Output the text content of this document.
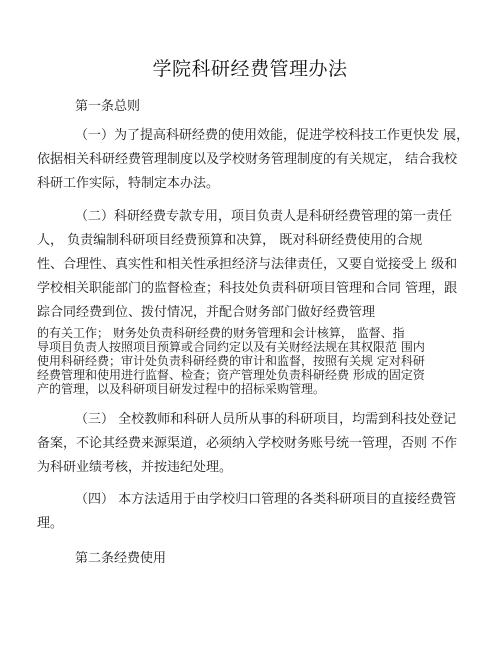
学院科研经费管理办法
第一条总则
（一）为了提高科研经费的使用效能，促进学校科技工作更快发 展，
依据相关科研经费管理制度以及学校财务管理制度的有关规定， 结合我校
科研工作实际，特制定本办法。
（二）科研经费专款专用，项目负责人是科研经费管理的第一责任
人， 负责编制科研项目经费预算和决算， 既对科研经费使用的合规
性、合理性、真实性和相关性承担经济与法律责任，又要自觉接受上 级和
学校相关职能部门的监督检查；科技处负责科研项目管理和合同 管理，跟
踪合同经费到位、拨付情况，并配合财务部门做好经费管理
的有关工作； 财务处负责科研经费的财务管理和会计核算， 监督、指
导项目负责人按照项目预算或合同约定以及有关财经法规在其权限范 围内
使用科研经费；审计处负责科研经费的审计和监督，按照有关规 定对科研
经费管理和使用进行监督、检查；资产管理处负责科研经费 形成的固定资
产的管理，以及科研项目研发过程中的招标采购管理。
（三） 全校教师和科研人员所从事的科研项目，均需到科技处登记
备案，不论其经费来源渠道，必须纳入学校财务账号统一管理，否则 不作
为科研业绩考核，并按违纪处理。
（四） 本方法适用于由学校归口管理的各类科研项目的直接经费管
理。
第二条经费使用
